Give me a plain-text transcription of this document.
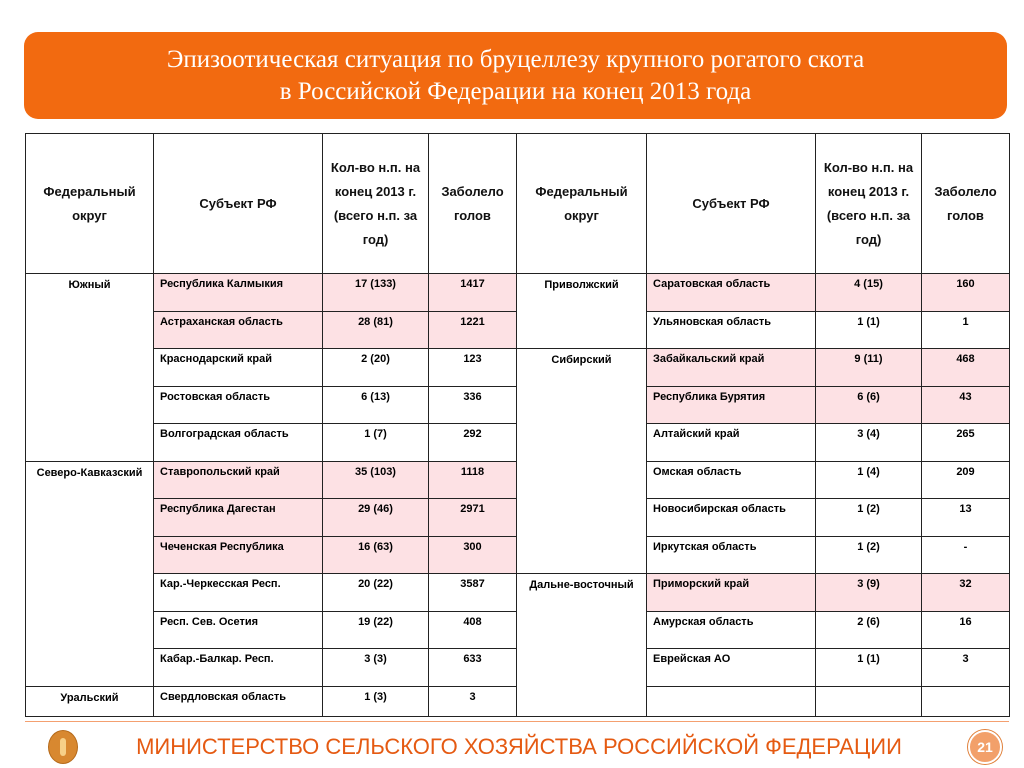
Эпизоотическая ситуация по бруцеллезу крупного рогатого скота
в Российской Федерации на конец 2013 года
Федеральный округ	Субъект РФ	Кол-во н.п. на конец 2013 г. (всего н.п. за год)	Заболело голов	Федеральный округ	Субъект РФ	Кол-во н.п. на конец 2013 г. (всего н.п. за год)	Заболело голов
Южный	Республика Калмыкия	17 (133)	1417	Приволжский	Саратовская область	4 (15)	160

	Астраханская область	28 (81)	1221		Ульяновская область	1 (1)	1

	Краснодарский край	2 (20)	123	Сибирский	Забайкальский край	9 (11)	468

	Ростовская область	6 (13)	336		Республика Бурятия	6 (6)	43

	Волгоградская область	1 (7)	292		Алтайский край	3 (4)	265

Северо-Кавказский	Ставропольский край	35 (103)	1118		Омская область	1 (4)	209

	Республика Дагестан	29 (46)	2971		Новосибирская область	1 (2)	13

	Чеченская Республика	16 (63)	300		Иркутская область	1 (2)	-

	Кар.-Черкесская Респ.	20 (22)	3587	Дальне-восточный	Приморский край	3 (9)	32

	Респ. Сев. Осетия	19 (22)	408		Амурская область	2 (6)	16

	Кабар.-Балкар. Респ.	3 (3)	633		Еврейская АО	1 (1)	3

Уральский	Свердловская область	1 (3)	3				

МИНИСТЕРСТВО СЕЛЬСКОГО ХОЗЯЙСТВА РОССИЙСКОЙ ФЕДЕРАЦИИ	21
